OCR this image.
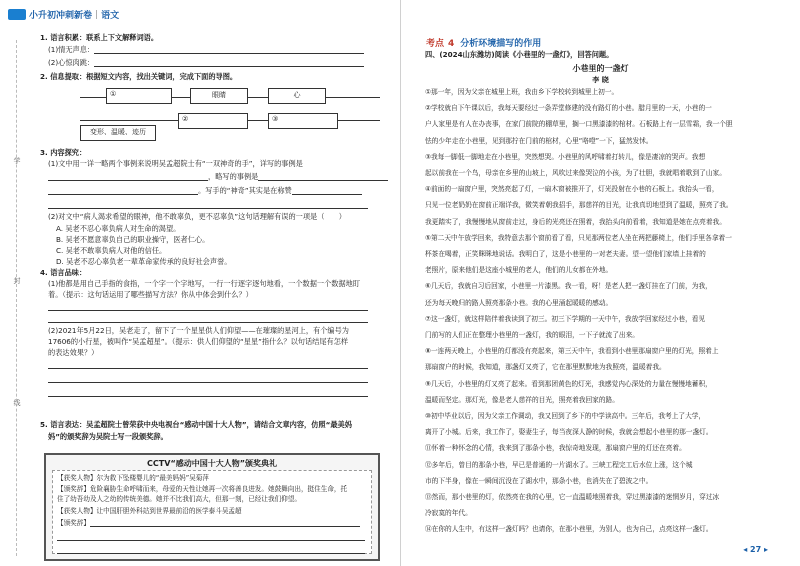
小升初冲刺新卷 | 语文
学
封
线
1. 语言积累：联系上下文解释词语。
(1)情无声息：
(2)心惊肉跳：
2. 信息提取：根据短文内容，找出关键词，完成下面的导图。
①	眼睛	心
变形、温暖、迹历
②	③
3. 内容探究：
(1)文中用一详一略两个事例来说明吴孟超院士有“一双神奇的手”，详写的事例是
，略写的事例是
。写手的“神奇”其实是在称赞
(2)对文中“病人渴求希望的眼神，他不敢辜负，更不忍辜负”这句话理解有误的一项是（　　）
A. 吴老不忍心辜负病人对生命的渴望。
B. 吴老不愿意辜负自己的职业操守，医者仁心。
C. 吴老不敢辜负病人对他的信任。
D. 吴老不忍心辜负老一辈革命家传承的良好社会声誉。
4. 语言品味：
(1)他都是用自己手指的食指，一个字一个字地写，一行一行逐字逐句地看，一个数据一个数据地盯
着。（提示：这句话运用了哪些描写方法？你从中体会到什么？）
(2)2021年5月22日，吴老走了，留下了一个星星供人们仰望——在璀璨的星河上，有个编号为
17606的小行星，被叫作“吴孟超星”。（提示：供人们仰望的“星星”指什么？以句话结尾有怎样
的表达效果？）
5. 语言表达：吴孟超院士曾荣获中央电视台“感动中国十大人物”，请结合文章内容，仿照“最美妈
妈”的颁奖辞为吴院士写一段颁奖辞。
CCTV“感动中国十大人物”颁奖典礼
【获奖人物】尔为救下坠楼婴儿的“最美妈妈”吴菊萍
【颁奖辞】危险襄胁生命呼啸而来，母爱的天性让她再一次将善良进发。她鼓舞向出，挺住生命，托
住了幼吾幼及人之幼的传统美德。她并不比我们高大，但那一刻，已经让我们仰望。
【获奖人物】让中国肝胆外科站到世界最前沿的医学泰斗吴孟超
【颁奖辞】
考点 4 分析环境描写的作用
四、(2024山东潍坊)阅读《小巷里的一盏灯》，回答问题。
小巷里的一盏灯
李 晓
①那一年，因为父亲在城里上班，我由乡下学校转到城里上初一。
②学校就自下午课以后，我每天要经过一条弄堂修建的没有路灯的小巷。腊月里的一天，小巷的一
户人家里是有人在办丧事，在家门前院的棚草里，搁一口黑漆漆的棺材。石板路上有一层雪霜，我一个胆
怯的少年走在小巷里，见到那拧在门前的棺材，心里“咯噔”一下，猛然发怵。
③我每一脚低一脚地走在小巷里，突然想哭。小巷里的风呼啸着打转儿，像是凄凉的哭声。我想
起以前我在一个鸟，母亲在乡里的山坡上，风吹过来像哭泣的小孩，为了壮胆，我就唱着歌到了山家。
④前面的一扇窗户里，突然亮起了灯，一扇木窗被推开了，灯光投射在小巷的石板上。我抬头一看，
只见一位老奶奶在窗前正端详我，微笑着朝我招手，那慈祥的目光，让我真切地望到了温暖，照亮了我。
我更踏实了，我慢慢地从窗前走过，身后的光亮还在照着，我抬头向前看着，我知道是她在点亮着我。
⑤第二天中午放学回来，我特意去那个窗前看了看，只见那两位老人坐在两把藤椅上，他们手里各拿着一
杯茶在喝着，正笑眯眯地说话。我明白了，这是小巷里的一对老夫妻。望一望他们家墙上挂着的
老照片，原来他们是这座小城里的老人，他们的儿女都在外地。
⑥几天后，我就自习后回家，小巷里一片漆黑。我一看，呀！是老人把一盏灯挂在了门前，为我，
还为每天晚归的路人照亮那条小巷。我的心里涌起暖暖的感动。
⑦这一盏灯，就这样陪伴着我读到了初三。初三下学期的一天中午，我放学回家经过小巷，看见
门前写的人们正在整理小巷里的一盏灯，我的眼泪，一下子就流了出来。
⑧一连两天晚上，小巷里的灯都没有亮起来，第三天中午，我看到小巷里那扇窗户里的灯光，照着上
那扇窗户的时候，我知道，那盏灯又亮了，它在那里默默地为我照亮，温暖着我。
⑨几天后，小巷里的灯又亮了起来。看到那团黄色的灯光，我感觉内心深处的力量在慢慢地蓄积，
温暖而坚定。那灯光，像是老人慈祥的目光，照亮着我回家的路。
⑩初中毕业以后，因为父亲工作调动，我又回到了乡下的中学读高中。三年后，我考上了大学，
离开了小城。后来，我工作了，娶妻生子，每当夜深人静的时候，我就会想起小巷里的那一盏灯。
⑪怀着一种怀念的心情，我来到了那条小巷，我惊奇地发现，那扇窗户里的灯还在亮着。
⑫多年后，曾目的那条小巷，早已是普通的一片湖水了。三峡工程完工后水位上涨，这个城
市的下半身，像在一瞬间沉没在了湖水中，那条小巷，也消失在了碧波之中。
⑬然而，那小巷里的灯，依然亮在我的心里，它一直温暖地照着我，穿过黑漆漆的迷惘岁月，穿过冰
冷寂寞的年代。
⑭在你的人生中，有这样一盏灯吗？也请你，在那小巷里，为别人，也为自己，点亮这样一盏灯。
◂ 27 ▸
